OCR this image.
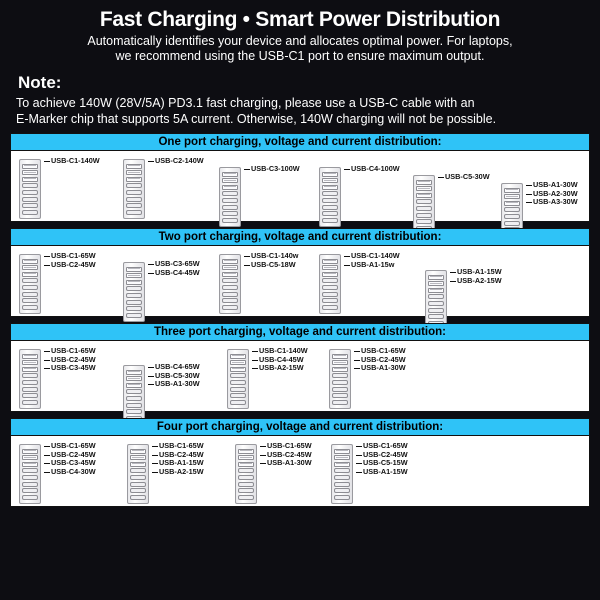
Fast Charging • Smart Power Distribution
Automatically identifies your device and allocates optimal power. For laptops,
we recommend using the USB-C1 port to ensure maximum output.
Note:
To achieve 140W (28V/5A) PD3.1 fast charging, please use a USB-C cable with an
E-Marker chip that supports 5A current. Otherwise, 140W charging will not be possible.
One port charging, voltage and current distribution:
USB-C1-140W	USB-C2-140W
USB-C3-100W	USB-C4-100W
USB-C5-30W
USB-A1-30W
USB-A2-30W
USB-A3-30W
Two port charging, voltage and current distribution:
USB-C1-65W
USB-C2-45W	USB-C3-65W
USB-C4-45W
USB-C1-140w
USB-C5-18W
USB-C1-140W
USB-A1-15w
USB-A1-15W
USB-A2-15W
Three port charging, voltage and current distribution:
USB-C1-65W
USB-C2-45W
USB-C3-45W	USB-C4-65W
USB-C5-30W
USB-A1-30W
USB-C1-140W
USB-C4-45W
USB-A2-15W
USB-C1-65W
USB-C2-45W
USB-A1-30W
Four port charging, voltage and current distribution:
USB-C1-65W
USB-C2-45W
USB-C3-45W
USB-C4-30W
USB-C1-65W
USB-C2-45W
USB-A1-15W
USB-A2-15W
USB-C1-65W
USB-C2-45W
USB-A1-30W
USB-C1-65W
USB-C2-45W
USB-C5-15W
USB-A1-15W
